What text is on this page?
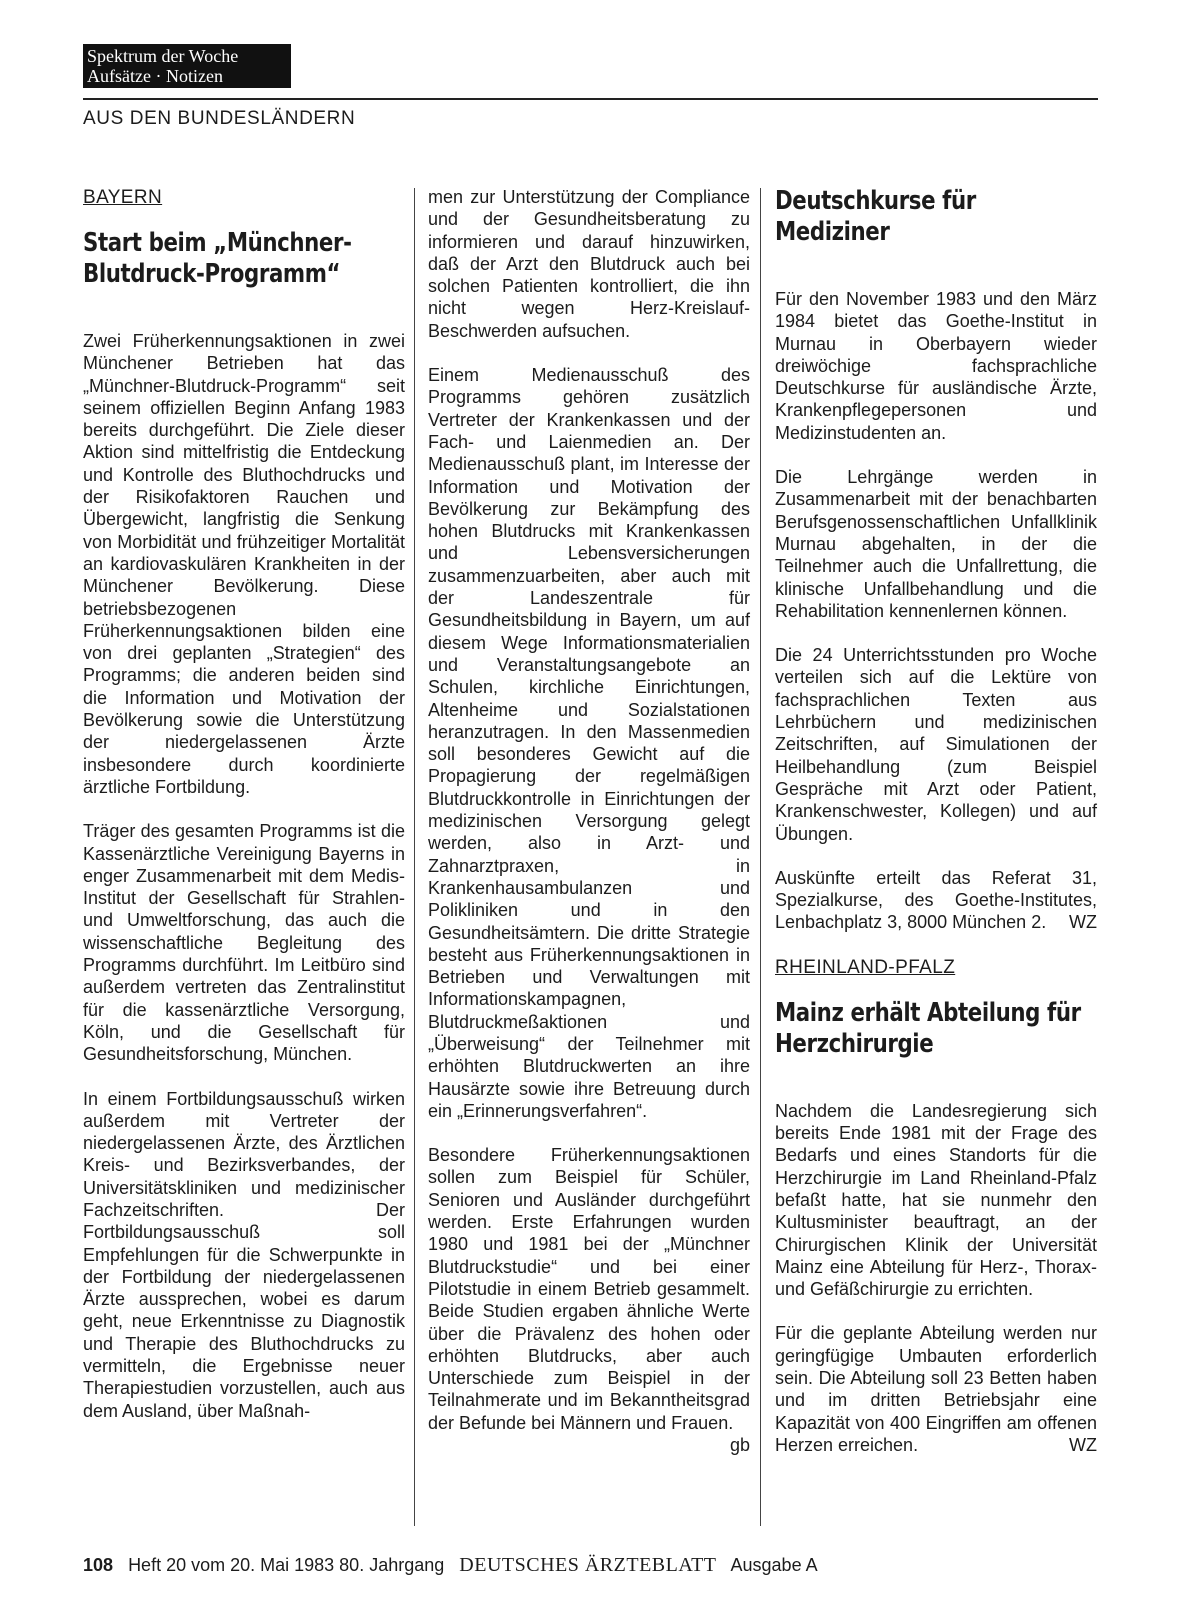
Spektrum der Woche
Aufsätze · Notizen
AUS DEN BUNDESLÄNDERN
BAYERN
Start beim „Münchner-Blutdruck-Programm“

Zwei Früherkennungsaktionen in zwei Münchener Betrieben hat das „Münchner-Blutdruck-Programm“ seit seinem offiziellen Beginn Anfang 1983 bereits durchgeführt. Die Ziele dieser Aktion sind mittelfristig die Entdeckung und Kontrolle des Bluthochdrucks und der Risikofaktoren Rauchen und Übergewicht, langfristig die Senkung von Morbidität und frühzeitiger Mortalität an kardiovaskulären Krankheiten in der Münchener Bevölkerung. Diese betriebsbezogenen Früherkennungsaktionen bilden eine von drei geplanten „Strategien“ des Programms; die anderen beiden sind die Information und Motivation der Bevölkerung sowie die Unterstützung der niedergelassenen Ärzte insbesondere durch koordinierte ärztliche Fortbildung.

Träger des gesamten Programms ist die Kassenärztliche Vereinigung Bayerns in enger Zusammenarbeit mit dem Medis-Institut der Gesellschaft für Strahlen- und Umweltforschung, das auch die wissenschaftliche Begleitung des Programms durchführt. Im Leitbüro sind außerdem vertreten das Zentralinstitut für die kassenärztliche Versorgung, Köln, und die Gesellschaft für Gesundheitsforschung, München.

In einem Fortbildungsausschuß wirken außerdem mit Vertreter der niedergelassenen Ärzte, des Ärztlichen Kreis- und Bezirksverbandes, der Universitätskliniken und medizinischer Fachzeitschriften. Der Fortbildungsausschuß soll Empfehlungen für die Schwerpunkte in der Fortbildung der niedergelassenen Ärzte aussprechen, wobei es darum geht, neue Erkenntnisse zu Diagnostik und Therapie des Bluthochdrucks zu vermitteln, die Ergebnisse neuer Therapiestudien vorzustellen, auch aus dem Ausland, über Maßnah-

men zur Unterstützung der Compliance und der Gesundheitsberatung zu informieren und darauf hinzuwirken, daß der Arzt den Blutdruck auch bei solchen Patienten kontrolliert, die ihn nicht wegen Herz-Kreislauf-Beschwerden aufsuchen.

Einem Medienausschuß des Programms gehören zusätzlich Vertreter der Krankenkassen und der Fach- und Laienmedien an. Der Medienausschuß plant, im Interesse der Information und Motivation der Bevölkerung zur Bekämpfung des hohen Blutdrucks mit Krankenkassen und Lebensversicherungen zusammenzuarbeiten, aber auch mit der Landeszentrale für Gesundheitsbildung in Bayern, um auf diesem Wege Informationsmaterialien und Veranstaltungsangebote an Schulen, kirchliche Einrichtungen, Altenheime und Sozialstationen heranzutragen. In den Massenmedien soll besonderes Gewicht auf die Propagierung der regelmäßigen Blutdruckkontrolle in Einrichtungen der medizinischen Versorgung gelegt werden, also in Arzt- und Zahnarztpraxen, in Krankenhausambulanzen und Polikliniken und in den Gesundheitsämtern. Die dritte Strategie besteht aus Früherkennungsaktionen in Betrieben und Verwaltungen mit Informationskampagnen, Blutdruckmeßaktionen und „Überweisung“ der Teilnehmer mit erhöhten Blutdruckwerten an ihre Hausärzte sowie ihre Betreuung durch ein „Erinnerungsverfahren“.

Besondere Früherkennungsaktionen sollen zum Beispiel für Schüler, Senioren und Ausländer durchgeführt werden. Erste Erfahrungen wurden 1980 und 1981 bei der „Münchner Blutdruckstudie“ und bei einer Pilotstudie in einem Betrieb gesammelt. Beide Studien ergaben ähnliche Werte über die Prävalenz des hohen oder erhöhten Blutdrucks, aber auch Unterschiede zum Beispiel in der Teilnahmerate und im Bekanntheitsgrad der Befunde bei Männern und Frauen.
gb

Deutschkurse für Mediziner

Für den November 1983 und den März 1984 bietet das Goethe-Institut in Murnau in Oberbayern wieder dreiwöchige fachsprachliche Deutschkurse für ausländische Ärzte, Krankenpflegepersonen und Medizinstudenten an.

Die Lehrgänge werden in Zusammenarbeit mit der benachbarten Berufsgenossenschaftlichen Unfallklinik Murnau abgehalten, in der die Teilnehmer auch die Unfallrettung, die klinische Unfallbehandlung und die Rehabilitation kennenlernen können.

Die 24 Unterrichtsstunden pro Woche verteilen sich auf die Lektüre von fachsprachlichen Texten aus Lehrbüchern und medizinischen Zeitschriften, auf Simulationen der Heilbehandlung (zum Beispiel Gespräche mit Arzt oder Patient, Krankenschwester, Kollegen) und auf Übungen.

Auskünfte erteilt das Referat 31, Spezialkurse, des Goethe-Institutes, Lenbachplatz 3, 8000 München 2. WZ

RHEINLAND-PFALZ
Mainz erhält Abteilung für Herzchirurgie

Nachdem die Landesregierung sich bereits Ende 1981 mit der Frage des Bedarfs und eines Standorts für die Herzchirurgie im Land Rheinland-Pfalz befaßt hatte, hat sie nunmehr den Kultusminister beauftragt, an der Chirurgischen Klinik der Universität Mainz eine Abteilung für Herz-, Thorax- und Gefäßchirurgie zu errichten.

Für die geplante Abteilung werden nur geringfügige Umbauten erforderlich sein. Die Abteilung soll 23 Betten haben und im dritten Betriebsjahr eine Kapazität von 400 Eingriffen am offenen Herzen erreichen.	WZ

108 Heft 20 vom 20. Mai 1983 80. Jahrgang DEUTSCHES ÄRZTEBLATT Ausgabe A
